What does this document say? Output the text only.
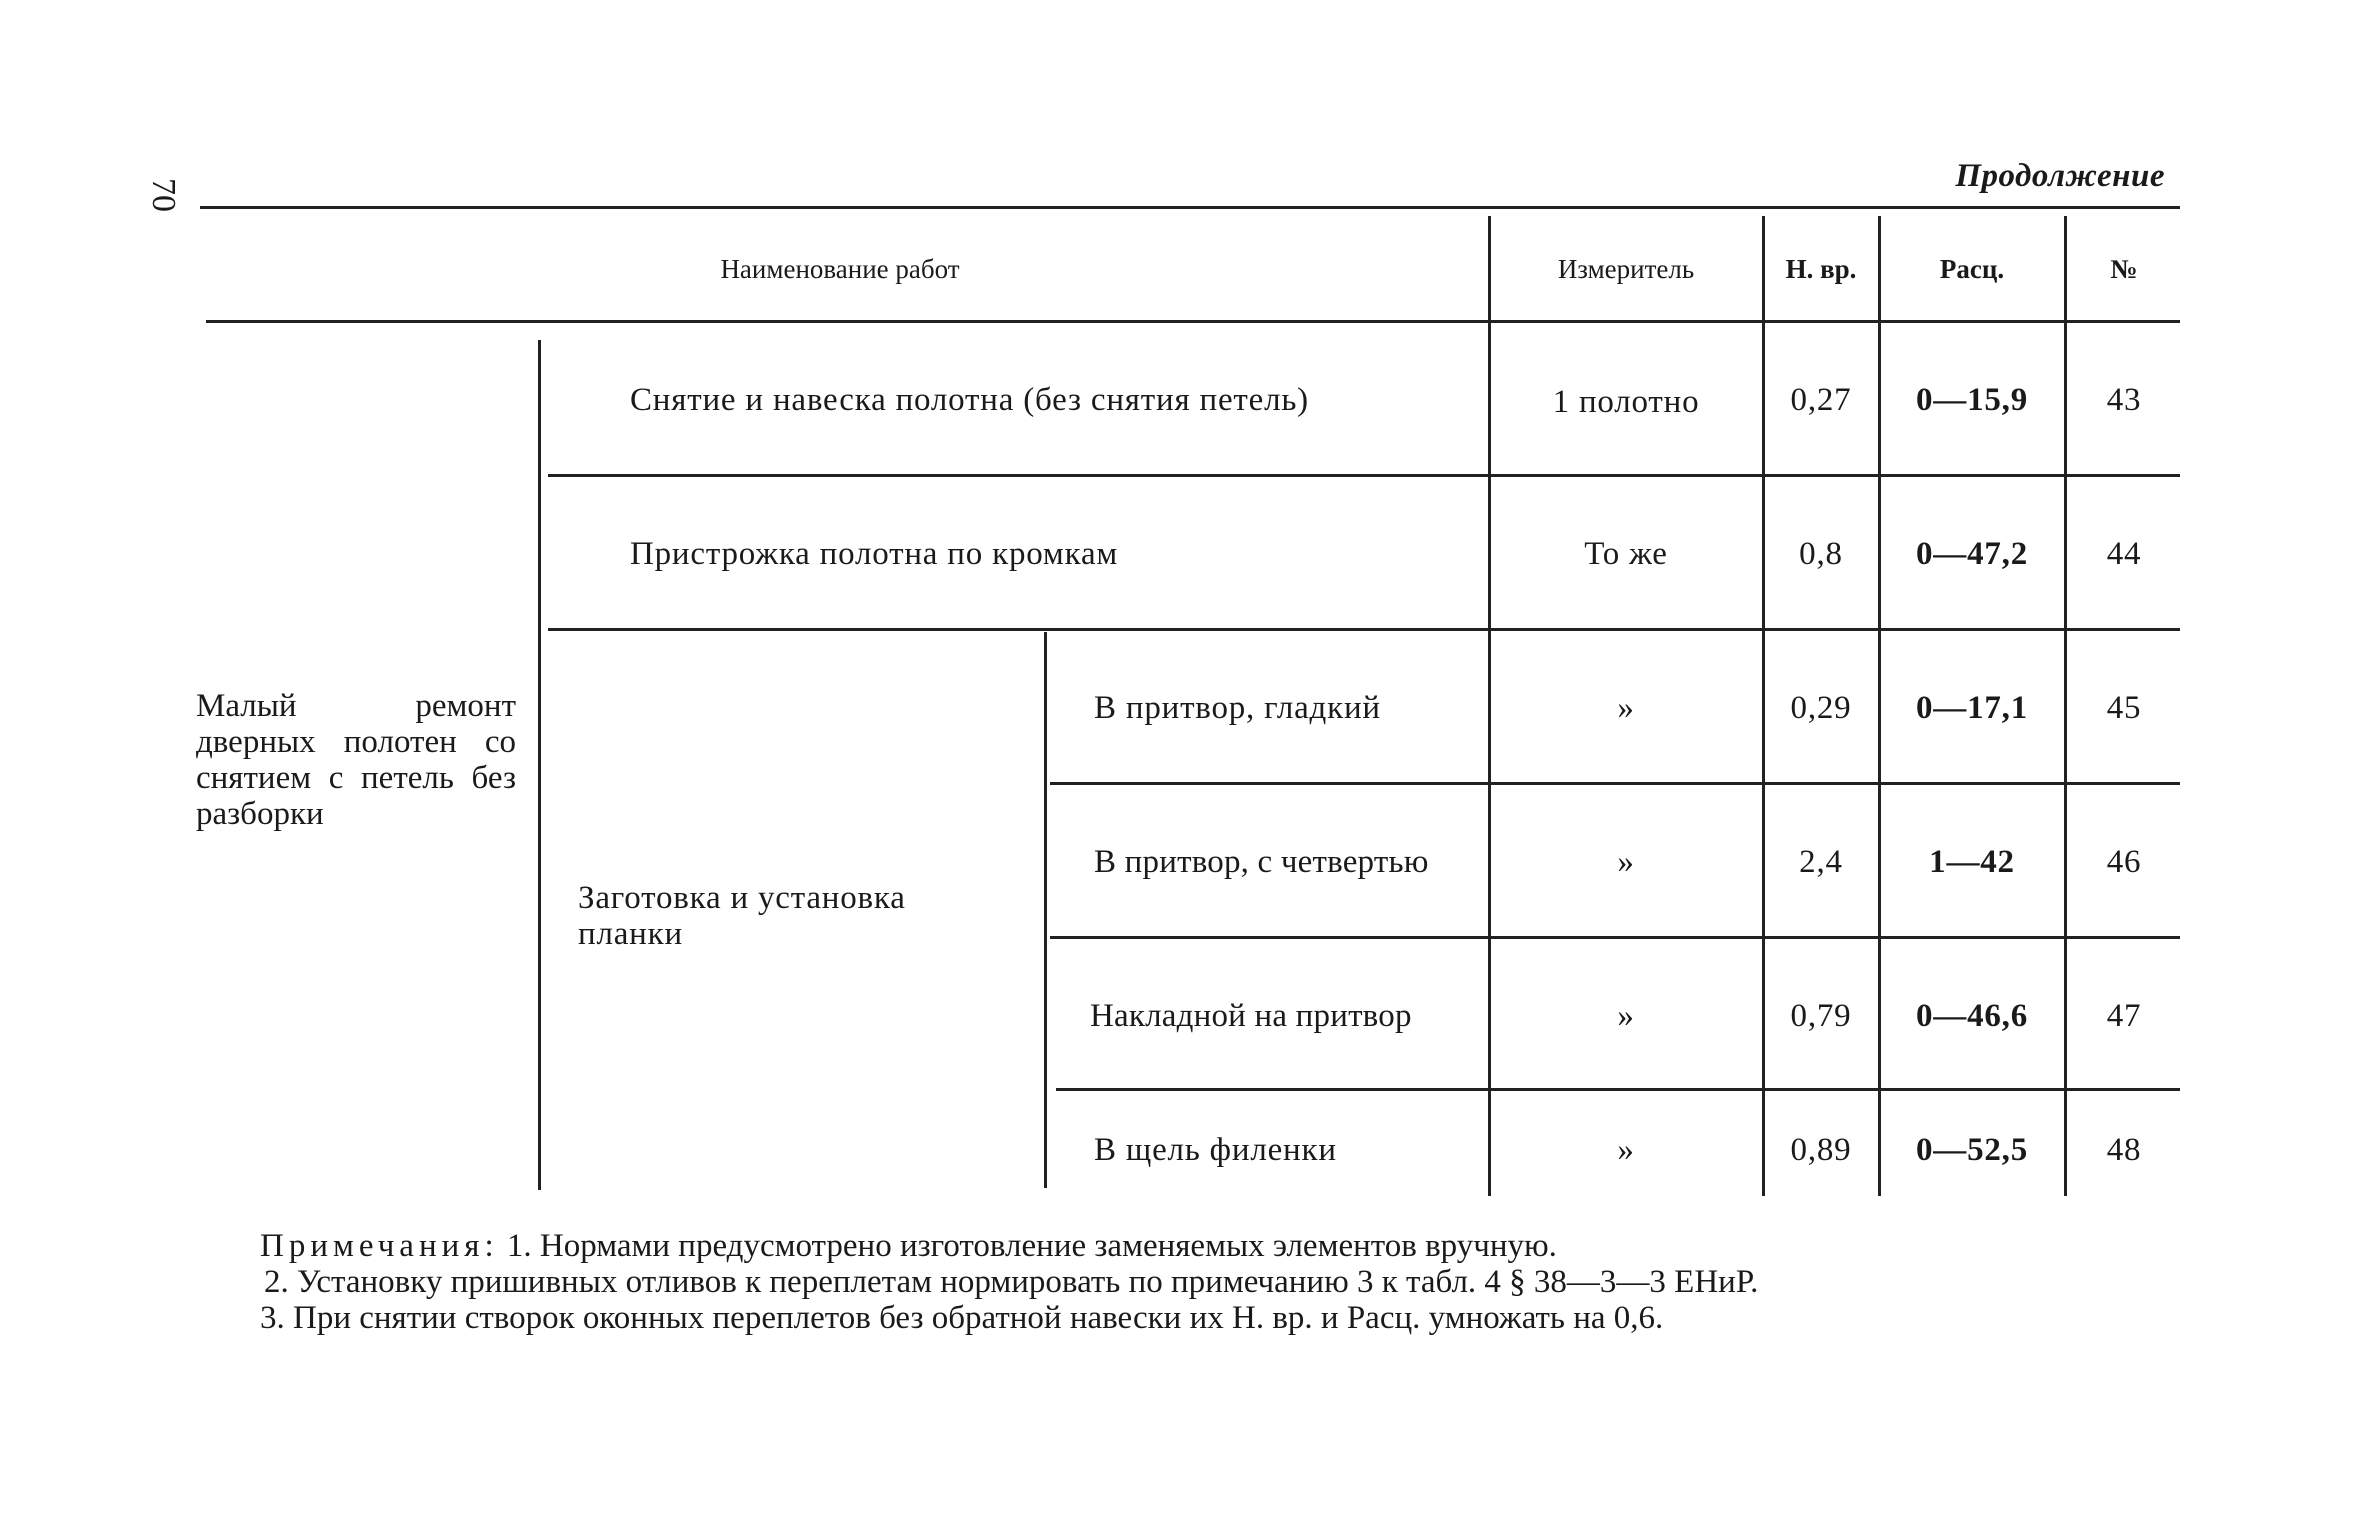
70
Продолжение
Наименование работ	Измеритель	Н. вр.	Расц.	№
Малый ремонт дверных полотен со снятием с петель без разборки
Заготовка и установка планки
Снятие и навеска полотна (без снятия петель)	1 полотно	0,27	0—15,9	43
Пристрожка полотна по кромкам	То же	0,8	0—47,2	44
В притвор, гладкий	»	0,29	0—17,1	45
В притвор, с четвертью	»	2,4	1—42	46
Накладной на притвор	»	0,79	0—46,6	47
В щель филенки	»	0,89	0—52,5	48
Примечания: 1. Нормами предусмотрено изготовление заменяемых элементов вручную.
2. Установку пришивных отливов к переплетам нормировать по примечанию 3 к табл. 4 § 38—3—3 ЕНиР.
3. При снятии створок оконных переплетов без обратной навески их Н. вр. и Расц. умножать на 0,6.
